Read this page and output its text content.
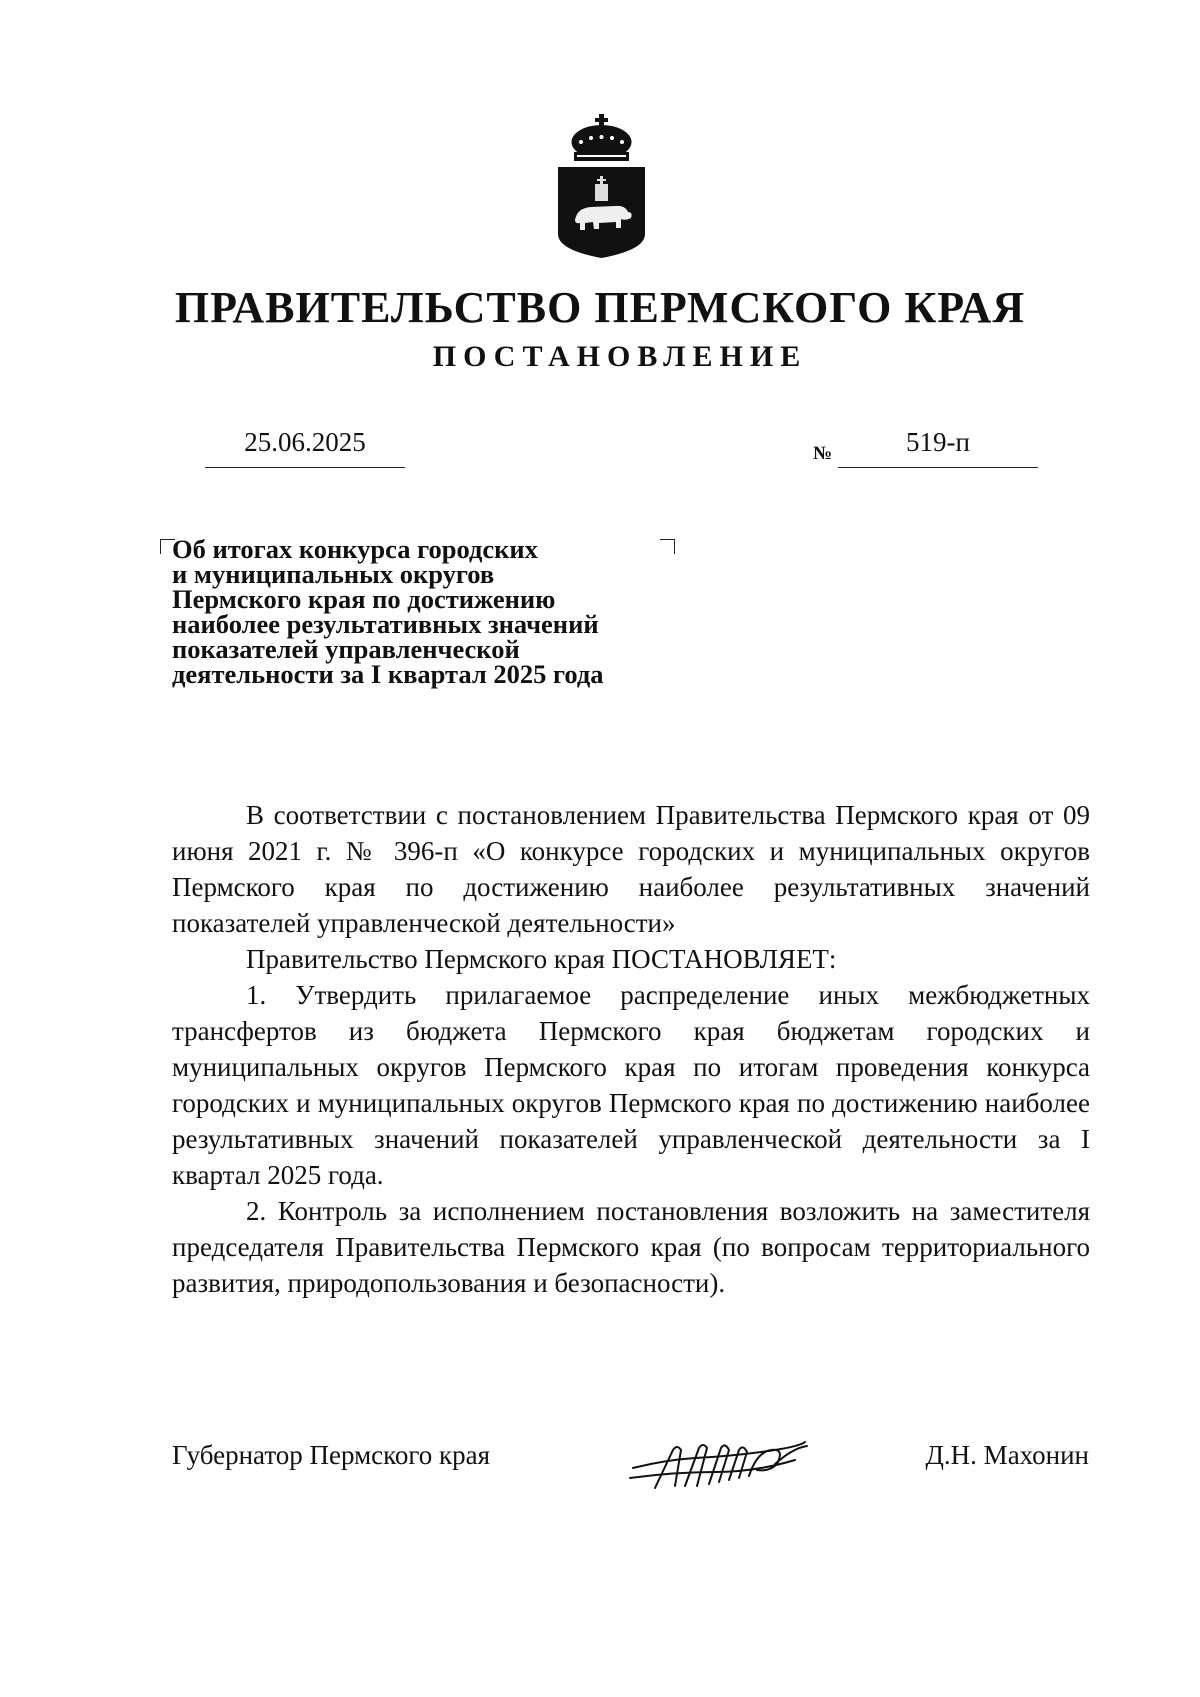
ПРАВИТЕЛЬСТВО ПЕРМСКОГО КРАЯ
ПОСТАНОВЛЕНИЕ
25.06.2025	№	519-п
Об итогах конкурса городских
и муниципальных округов
Пермского края по достижению
наиболее результативных значений
показателей управленческой
деятельности за I квартал 2025 года

В соответствии с постановлением Правительства Пермского края от 09 июня 2021 г. № 396-п «О конкурсе городских и муниципальных округов Пермского края по достижению наиболее результативных значений показателей управленческой деятельности»

Правительство Пермского края ПОСТАНОВЛЯЕТ:

1. Утвердить прилагаемое распределение иных межбюджетных трансфертов из бюджета Пермского края бюджетам городских и муниципальных округов Пермского края по итогам проведения конкурса городских и муниципальных округов Пермского края по достижению наиболее результативных значений показателей управленческой деятельности за I квартал 2025 года.

2. Контроль за исполнением постановления возложить на заместителя председателя Правительства Пермского края (по вопросам территориального развития, природопользования и безопасности).

Губернатор Пермского края	Д.Н. Махонин
